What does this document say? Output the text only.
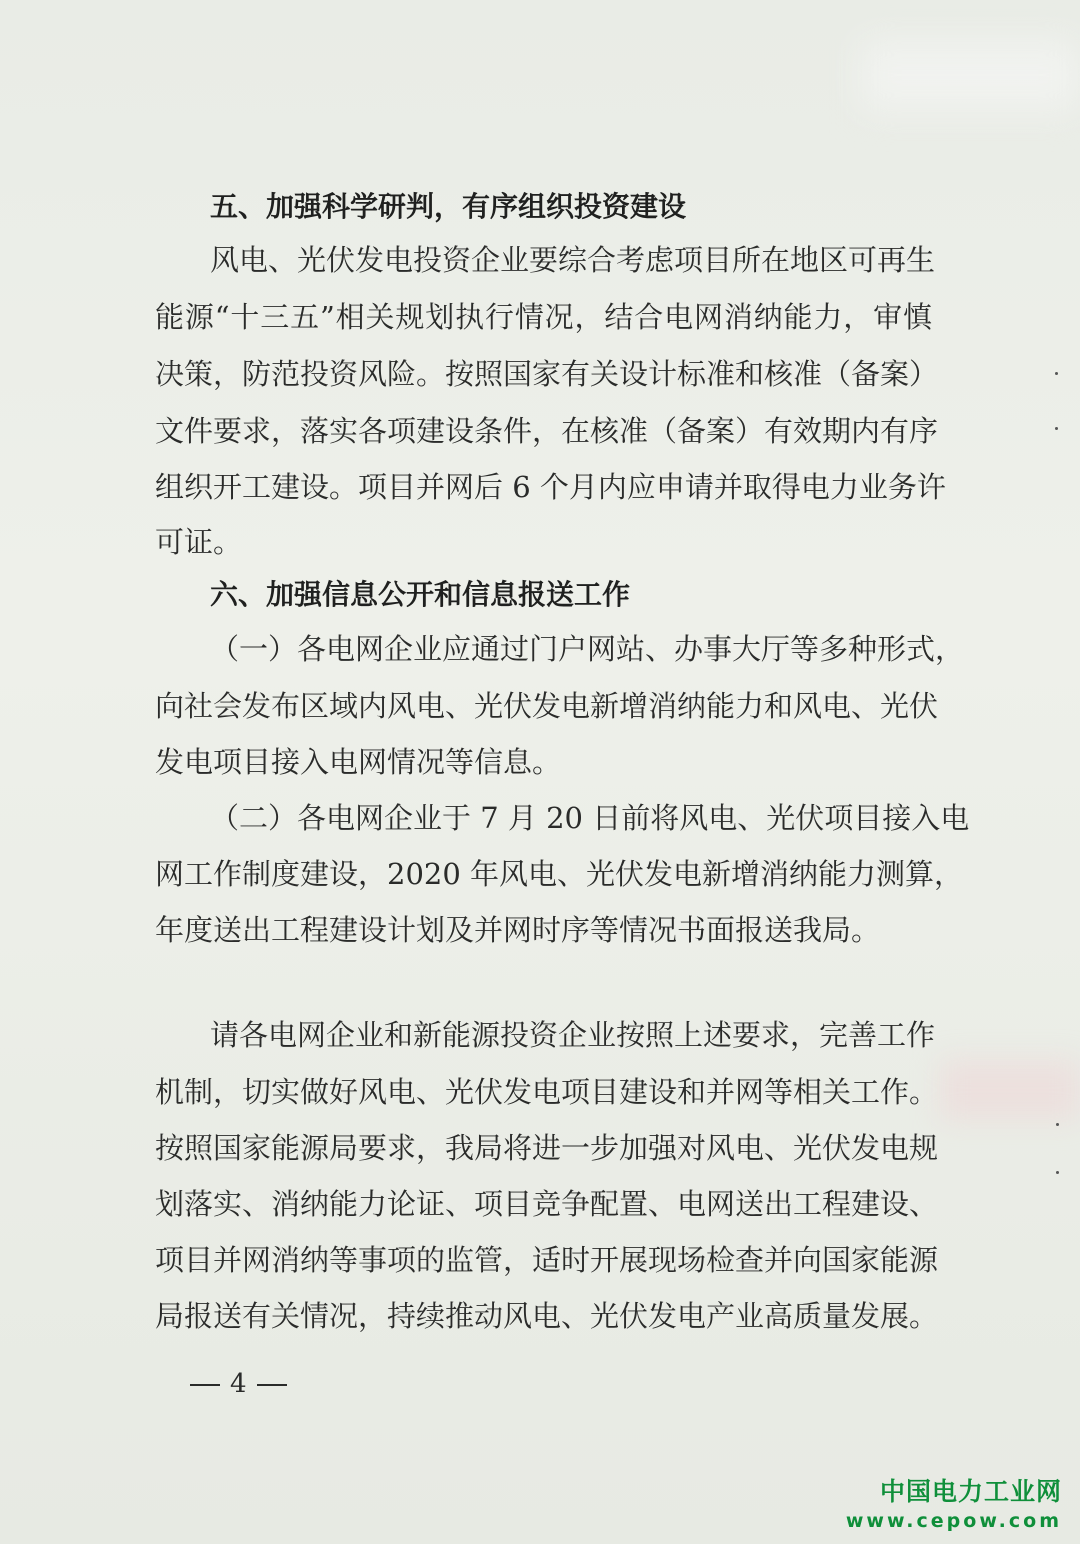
五、加强科学研判，有序组织投资建设

风电、光伏发电投资企业要综合考虑项目所在地区可再生

能源“十三五”相关规划执行情况，结合电网消纳能力，审慎

决策，防范投资风险。按照国家有关设计标准和核准（备案）

文件要求，落实各项建设条件，在核准（备案）有效期内有序

组织开工建设。项目并网后 6 个月内应申请并取得电力业务许

可证。

六、加强信息公开和信息报送工作

（一）各电网企业应通过门户网站、办事大厅等多种形式，

向社会发布区域内风电、光伏发电新增消纳能力和风电、光伏

发电项目接入电网情况等信息。

（二）各电网企业于 7 月 20 日前将风电、光伏项目接入电

网工作制度建设，2020 年风电、光伏发电新增消纳能力测算，

年度送出工程建设计划及并网时序等情况书面报送我局。

请各电网企业和新能源投资企业按照上述要求，完善工作

机制，切实做好风电、光伏发电项目建设和并网等相关工作。

按照国家能源局要求，我局将进一步加强对风电、光伏发电规

划落实、消纳能力论证、项目竞争配置、电网送出工程建设、

项目并网消纳等事项的监管，适时开展现场检查并向国家能源

局报送有关情况，持续推动风电、光伏发电产业高质量发展。

4
中国电力工业网
www.cepow.com
